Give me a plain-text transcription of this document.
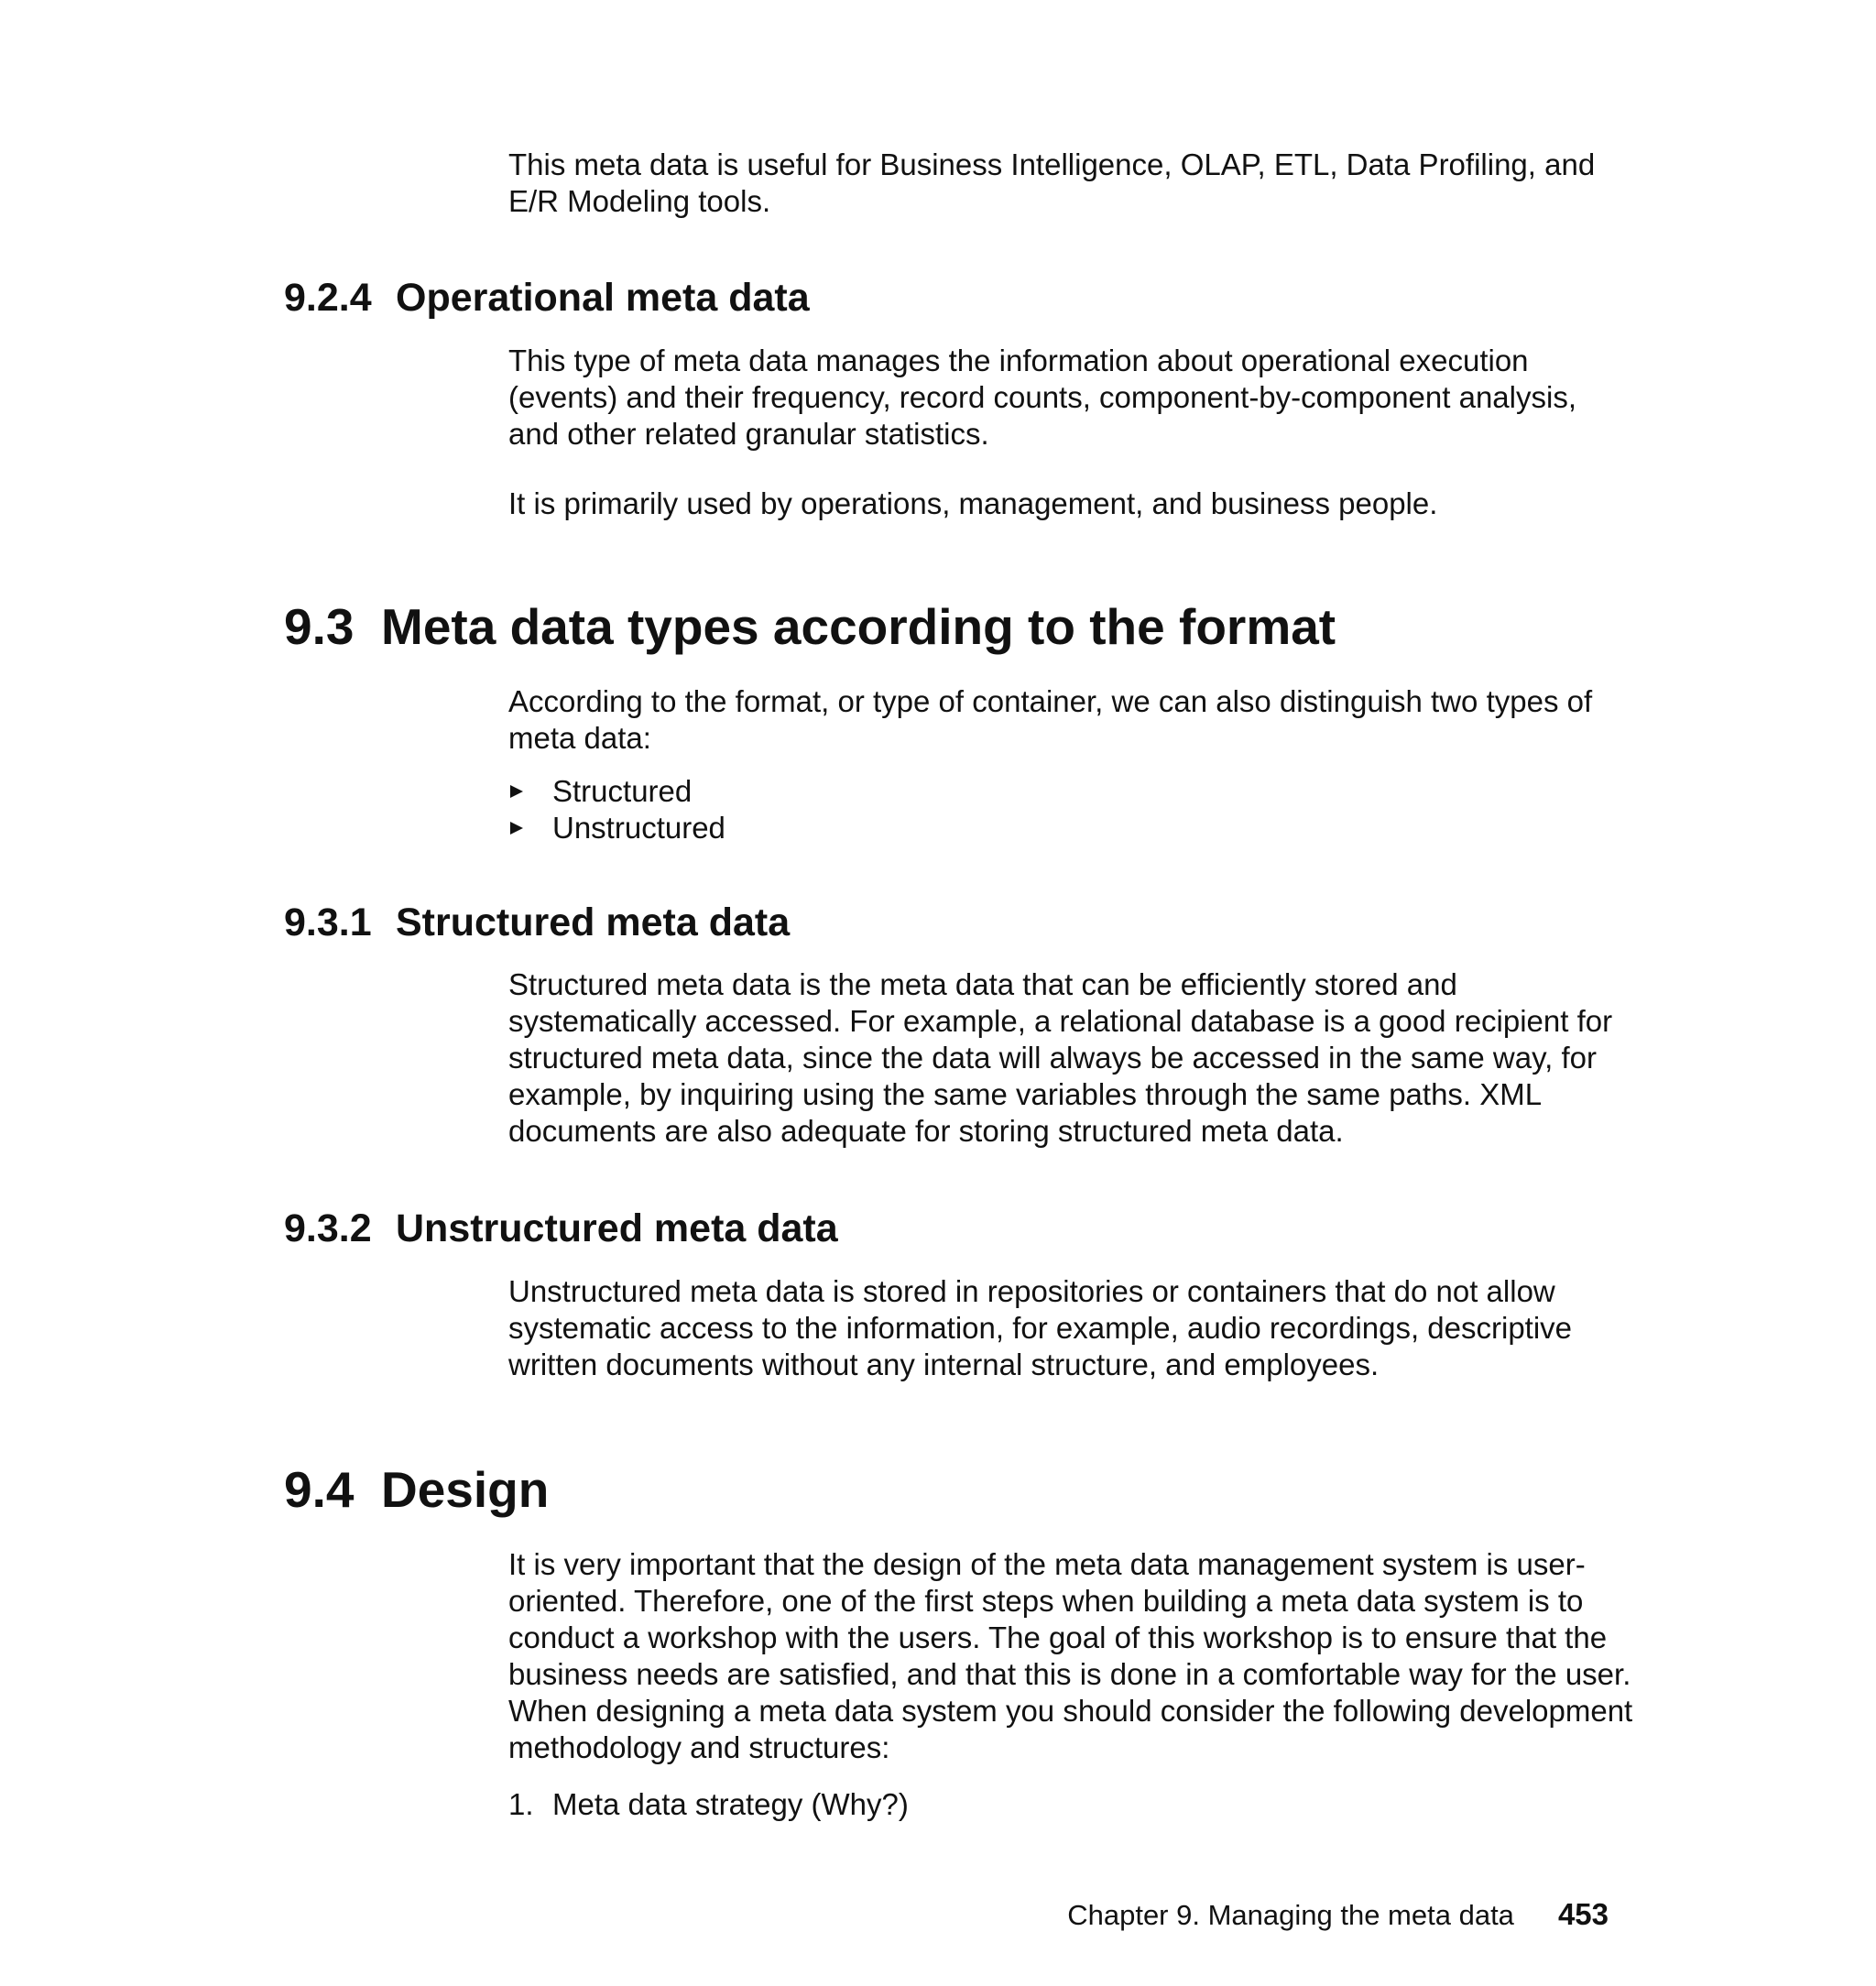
This meta data is useful for Business Intelligence, OLAP, ETL, Data Profiling, and E/R Modeling tools.

9.2.4 Operational meta data

This type of meta data manages the information about operational execution (events) and their frequency, record counts, component-by-component analysis, and other related granular statistics.

It is primarily used by operations, management, and business people.

9.3 Meta data types according to the format

According to the format, or type of container, we can also distinguish two types of meta data:

Structured
Unstructured
9.3.1 Structured meta data

Structured meta data is the meta data that can be efficiently stored and systematically accessed. For example, a relational database is a good recipient for structured meta data, since the data will always be accessed in the same way, for example, by inquiring using the same variables through the same paths. XML documents are also adequate for storing structured meta data.

9.3.2 Unstructured meta data

Unstructured meta data is stored in repositories or containers that do not allow systematic access to the information, for example, audio recordings, descriptive written documents without any internal structure, and employees.

9.4 Design

It is very important that the design of the meta data management system is user-oriented. Therefore, one of the first steps when building a meta data system is to conduct a workshop with the users. The goal of this workshop is to ensure that the business needs are satisfied, and that this is done in a comfortable way for the user. When designing a meta data system you should consider the following development methodology and structures:

1. Meta data strategy (Why?)
Chapter 9. Managing the meta data 453
